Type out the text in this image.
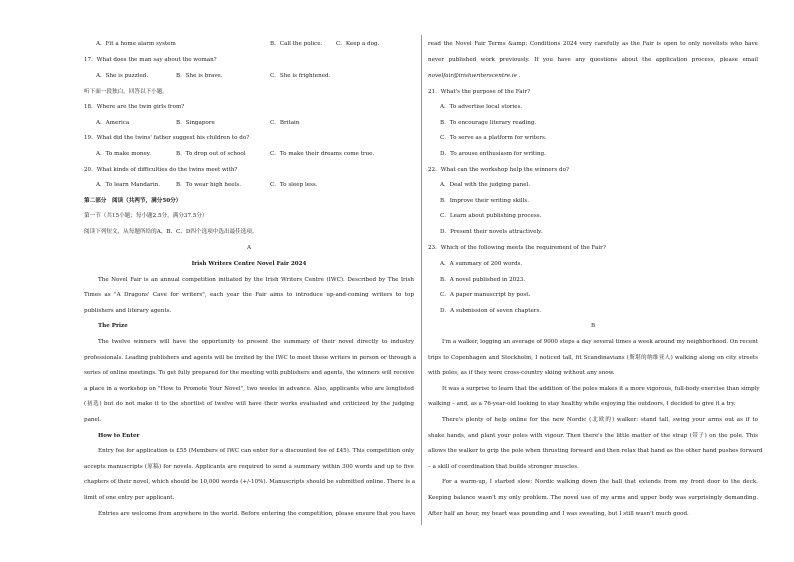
A．Fit a home alarm system	B．Call the police. C．Keep a dog.
17．What does the man say about the woman?
A．She is puzzled.	B．She is brave.	C．She is frightened.
听下面一段独白，回答以下小题。
18．Where are the twin girls from?
A．America	B．Singapore	C．Britain
19．What did the twins' father suggest his children to do?
A．To make money.	B．To drop out of school	C．To make their dreams come true.
20．What kinds of difficulties do the twins meet with?
A．To learn Mandarin.	B．To wear high heels.	C．To sleep less.
第二部分　阅读（共两节，满分50分）
第一节（共15小题；每小题2.5分，满分37.5分）
阅读下列短文，从每题所给的A、B、C、D四个选项中选出最佳选项。
A
Irish Writers Centre Novel Fair 2024
The Novel Fair is an annual competition initiated by the Irish Writers Centre (IWC). Described by The Irish
Times as "A Dragons' Cave for writers", each year the Fair aims to introduce up-and-coming writers to top
publishers and literary agents.
The Prize
The twelve winners will have the opportunity to present the summary of their novel directly to industry
professionals. Leading publishers and agents will be invited by the IWC to meet these writers in person or through a
series of online meetings. To get fully prepared for the meeting with publishers and agents, the winners will receive
a place in a workshop on "How to Promote Your Novel", two weeks in advance. Also, applicants who are longlisted
(初选) but do not make it to the shortlist of twelve will have their works evaluated and criticized by the judging
panel.
How to Enter
Entry fee for application is £55 (Members of IWC can enter for a discounted fee of £45). This competition only
accepts manuscripts (原稿) for novels. Applicants are required to send a summary within 300 words and up to five
chapters of their novel, which should be 10,000 words (+/-10%). Manuscripts should be submitted online. There is a
limit of one entry per applicant.
Entries are welcome from anywhere in the world. Before entering the competition, please ensure that you have
read the Novel Fair Terms &amp; Conditions 2024 very carefully as the Fair is open to only novelists who have
never published work previously. If you have any questions about the application process, please email
novelfair@irishwriterscentre.ie .
21．What's the purpose of the Fair?
A．To advertise local stories.
B．To encourage literary reading.
C．To serve as a platform for writers.
D．To arouse enthusiasm for writing.
22．What can the workshop help the winners do?
A．Deal with the judging panel.
B．Improve their writing skills.
C．Learn about publishing process.
D．Present their novels attractively.
23．Which of the following meets the requirement of the Fair?
A．A summary of 200 words.
B．A novel published in 2023.
C．A paper manuscript by post.
D．A submission of seven chapters.
B
I'm a walker, logging an average of 9000 steps a day several times a week around my neighborhood. On recent
trips to Copenhagen and Stockholm, I noticed tall, fit Scandinavians (斯堪的纳维亚人) walking along on city streets
with poles, as if they were cross-country skiing without any snow.
It was a surprise to learn that the addition of the poles makes it a more vigorous, full-body exercise than simply
walking – and, as a 76-year-old looking to stay healthy while enjoying the outdoors, I decided to give it a try.
There's plenty of help online for the new Nordic (北欧的) walker: stand tall, swing your arms out as if to
shake hands, and plant your poles with vigour. Then there's the little matter of the strap (带子) on the pole. This
allows the walker to grip the pole when thrusting forward and then relax that hand as the other hand pushes forward
– a skill of coordination that builds stronger muscles.
For a warm-up, I started slow: Nordic walking down the hall that extends from my front door to the deck.
Keeping balance wasn't my only problem. The novel use of my arms and upper body was surprisingly demanding.
After half an hour, my heart was pounding and I was sweating, but I still wasn't much good.
